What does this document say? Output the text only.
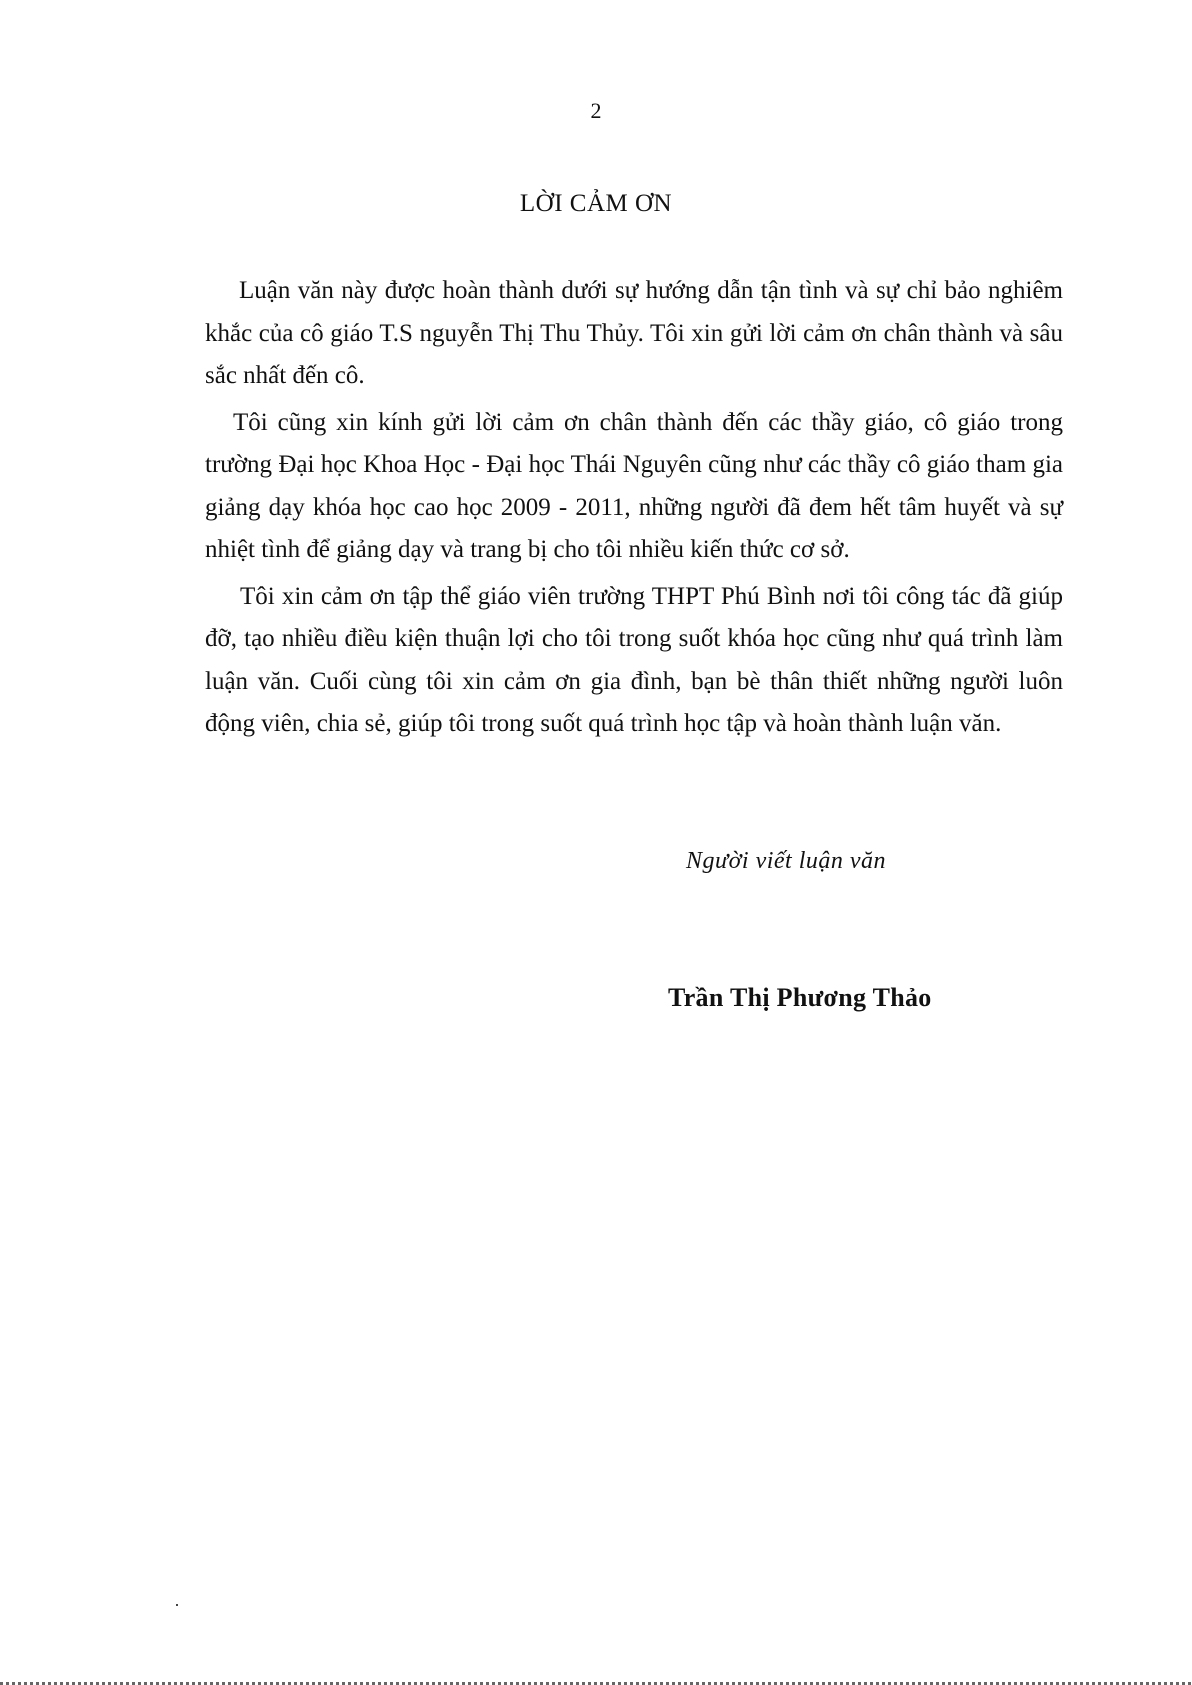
2
LỜI CẢM ƠN

Luận văn này được hoàn thành dưới sự hướng dẫn tận tình và sự chỉ bảo nghiêm khắc của cô giáo T.S nguyễn Thị Thu Thủy. Tôi xin gửi lời cảm ơn chân thành và sâu sắc nhất đến cô.

Tôi cũng xin kính gửi lời cảm ơn chân thành đến các thầy giáo, cô giáo trong trường Đại học Khoa Học - Đại học Thái Nguyên cũng như các thầy cô giáo tham gia giảng dạy khóa học cao học 2009 - 2011, những người đã đem hết tâm huyết và sự nhiệt tình để giảng dạy và trang bị cho tôi nhiều kiến thức cơ sở.

Tôi xin cảm ơn tập thể giáo viên trường THPT Phú Bình nơi tôi công tác đã giúp đỡ, tạo nhiều điều kiện thuận lợi cho tôi trong suốt khóa học cũng như quá trình làm luận văn. Cuối cùng tôi xin cảm ơn gia đình, bạn bè thân thiết những người luôn động viên, chia sẻ, giúp tôi trong suốt quá trình học tập và hoàn thành luận văn.

Người viết luận văn
Trần Thị Phương Thảo
